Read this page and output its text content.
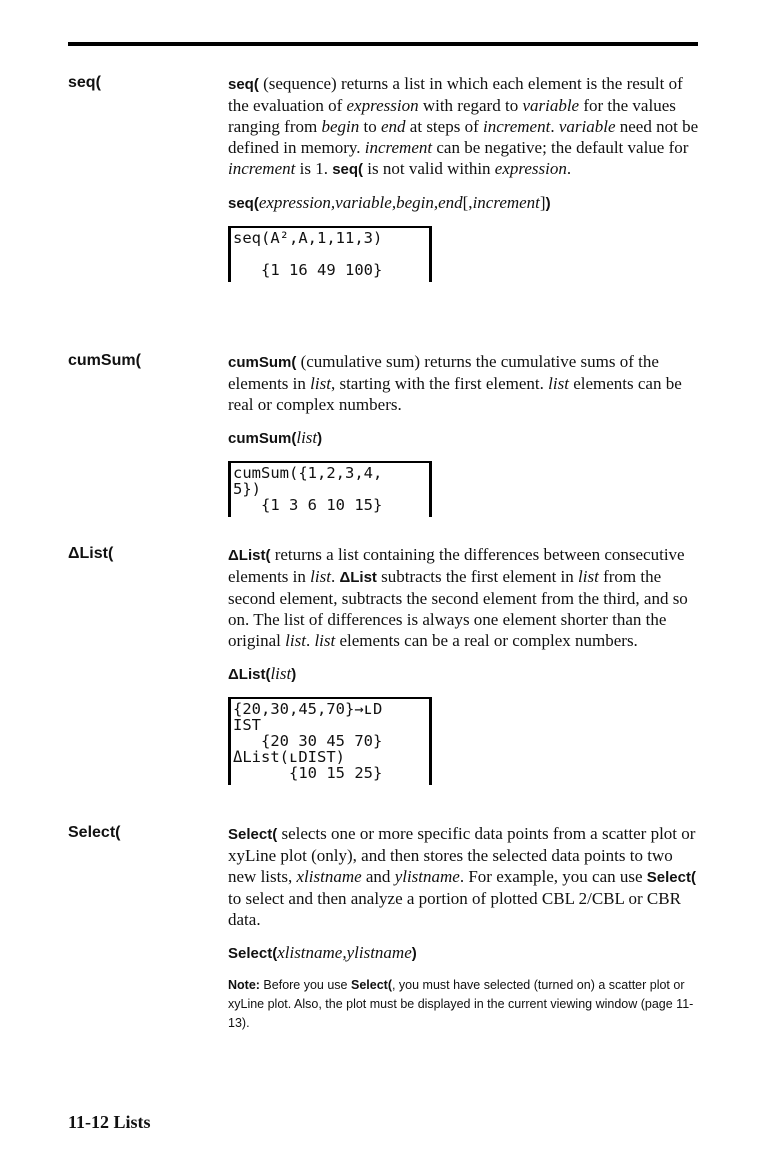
seq(	seq( (sequence) returns a list in which each element is the result of the evaluation of expression with regard to variable for the values ranging from begin to end at steps of increment. variable need not be defined in memory. increment can be negative; the default value for increment is 1. seq( is not valid within expression.

seq(expression,variable,begin,end[,increment])

seq(A²,A,1,11,3)

{1 16 49 100}
cumSum(	cumSum( (cumulative sum) returns the cumulative sums of the elements in list, starting with the first element. list elements can be real or complex numbers.

cumSum(list)

cumSum({1,2,3,4,
5})
{1 3 6 10 15}
ΔList(	ΔList( returns a list containing the differences between consecutive elements in list. ΔList subtracts the first element in list from the second element, subtracts the second element from the third, and so on. The list of differences is always one element shorter than the original list. list elements can be a real or complex numbers.

ΔList(list)

{20,30,45,70}→ʟD
IST
{20 30 45 70}
ΔList(ʟDIST)
{10 15 25}
Select(	Select( selects one or more specific data points from a scatter plot or xyLine plot (only), and then stores the selected data points to two new lists, xlistname and ylistname. For example, you can use Select( to select and then analyze a portion of plotted CBL 2/CBL or CBR data.

Select(xlistname,ylistname)

Note: Before you use Select(, you must have selected (turned on) a scatter plot or xyLine plot. Also, the plot must be displayed in the current viewing window (page 11-13).
11-12 Lists
